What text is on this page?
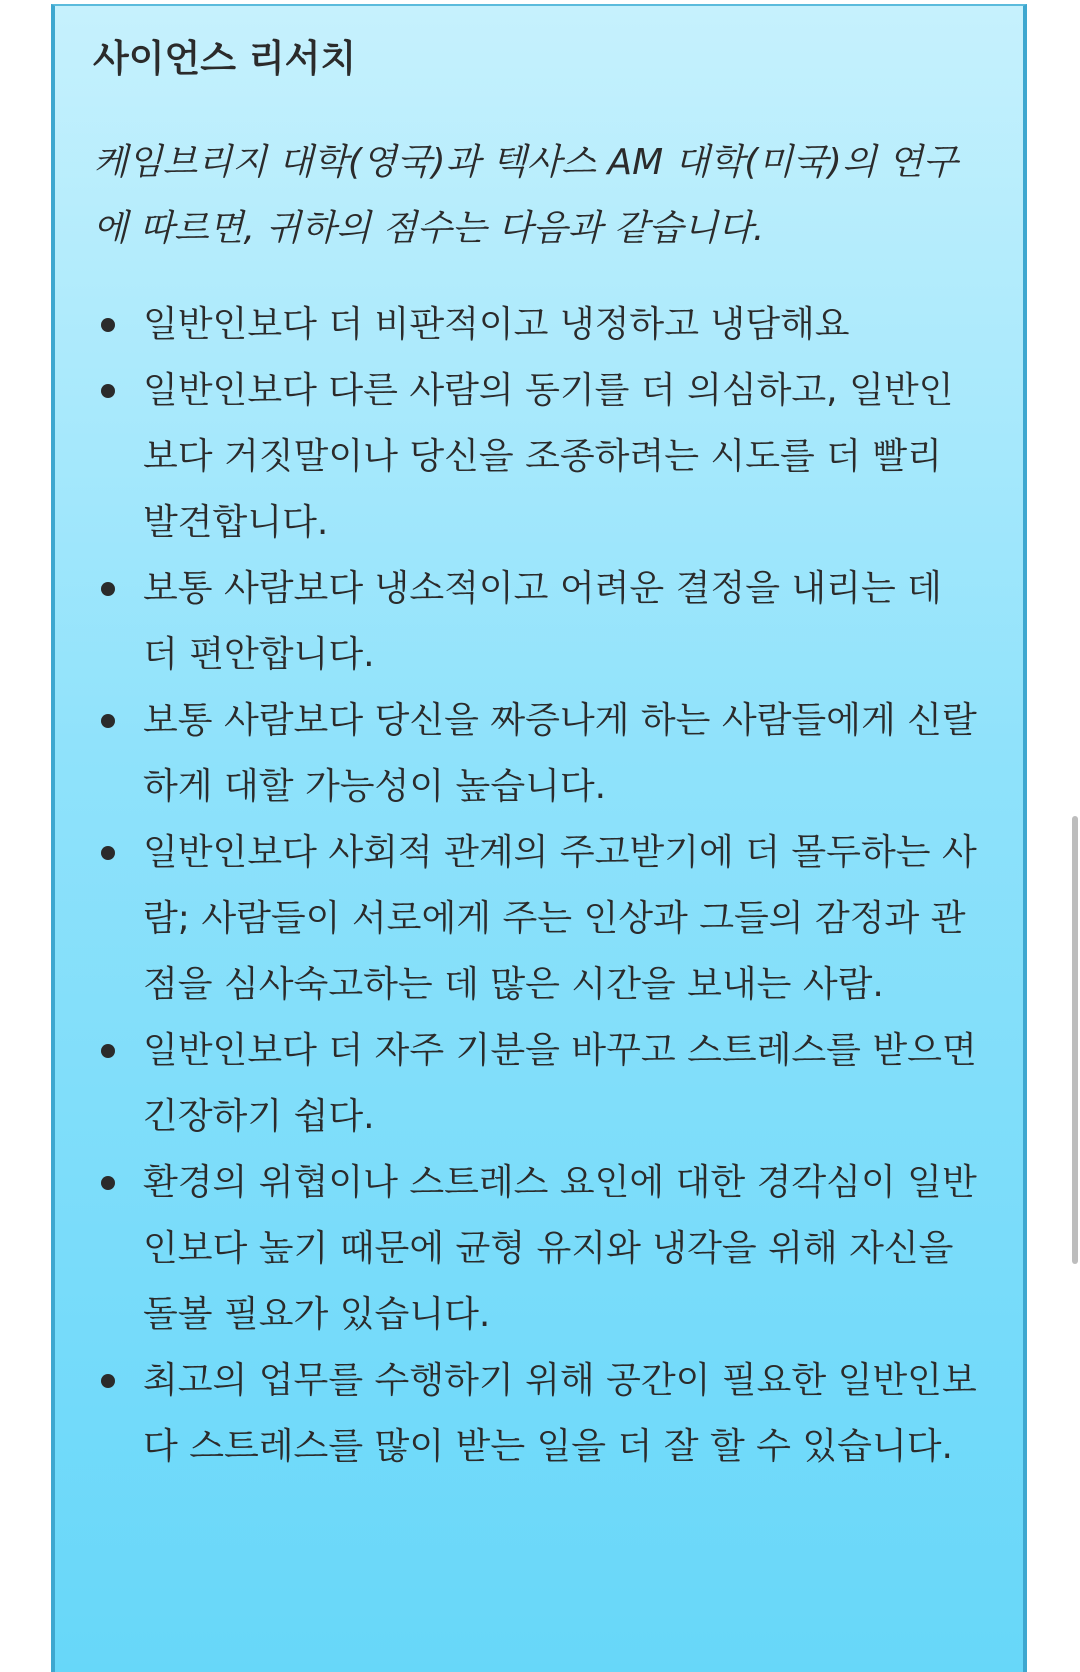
사이언스 리서치
케임브리지 대학(영국)과 텍사스 AM 대학(미국)의 연구에 따르면, 귀하의 점수는 다음과 같습니다.
일반인보다 더 비판적이고 냉정하고 냉담해요
일반인보다 다른 사람의 동기를 더 의심하고, 일반인보다 거짓말이나 당신을 조종하려는 시도를 더 빨리 발견합니다.
보통 사람보다 냉소적이고 어려운 결정을 내리는 데 더 편안합니다.
보통 사람보다 당신을 짜증나게 하는 사람들에게 신랄하게 대할 가능성이 높습니다.
일반인보다 사회적 관계의 주고받기에 더 몰두하는 사람; 사람들이 서로에게 주는 인상과 그들의 감정과 관점을 심사숙고하는 데 많은 시간을 보내는 사람.
일반인보다 더 자주 기분을 바꾸고 스트레스를 받으면 긴장하기 쉽다.
환경의 위협이나 스트레스 요인에 대한 경각심이 일반인보다 높기 때문에 균형 유지와 냉각을 위해 자신을 돌볼 필요가 있습니다.
최고의 업무를 수행하기 위해 공간이 필요한 일반인보다 스트레스를 많이 받는 일을 더 잘 할 수 있습니다.
